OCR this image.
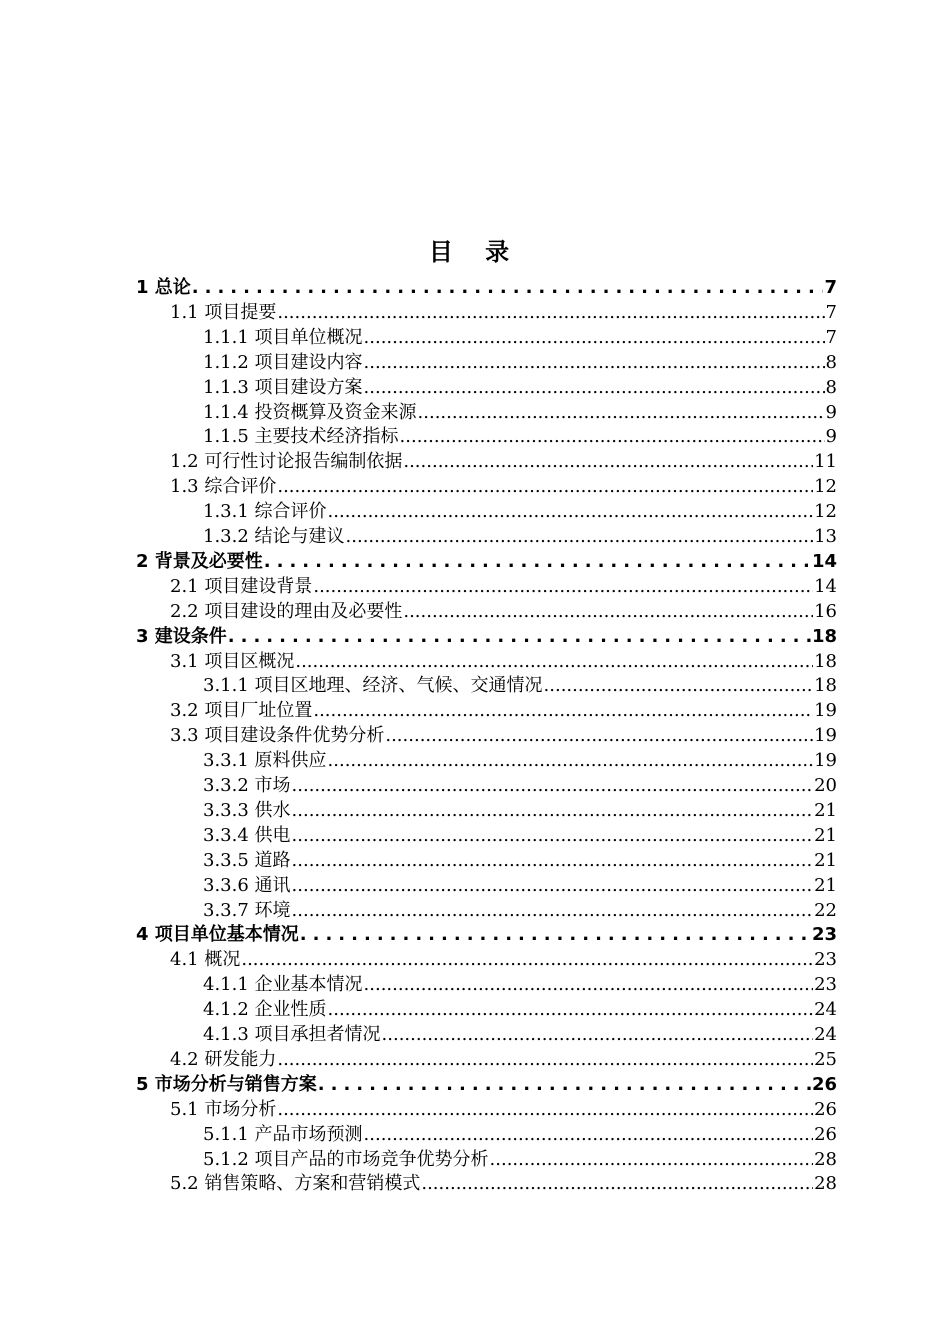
目 录
1 总论 .....	7
1.1 项目提要 .....	7
1.1.1 项目单位概况 .....	7
1.1.2 项目建设内容 .....	8
1.1.3 项目建设方案 .....	8
1.1.4 投资概算及资金来源 .....	9
1.1.5 主要技术经济指标 .....	9
1.2 可行性讨论报告编制依据 .....	11
1.3 综合评价 .....	12
1.3.1 综合评价 .....	12
1.3.2 结论与建议 .....	13
2 背景及必要性 .....	14
2.1 项目建设背景 .....	14
2.2 项目建设的理由及必要性 .....	16
3 建设条件 .....	18
3.1 项目区概况 .....	18
3.1.1 项目区地理、经济、气候、交通情况 .....	18
3.2 项目厂址位置 .....	19
3.3 项目建设条件优势分析 .....	19
3.3.1 原料供应 .....	19
3.3.2 市场 .....	20
3.3.3 供水 .....	21
3.3.4 供电 .....	21
3.3.5 道路 .....	21
3.3.6 通讯 .....	21
3.3.7 环境 .....	22
4 项目单位基本情况 .....	23
4.1 概况 .....	23
4.1.1 企业基本情况 .....	23
4.1.2 企业性质 .....	24
4.1.3 项目承担者情况 .....	24
4.2 研发能力 .....	25
5 市场分析与销售方案 .....	26
5.1 市场分析 .....	26
5.1.1 产品市场预测 .....	26
5.1.2 项目产品的市场竞争优势分析 .....	28
5.2 销售策略、方案和营销模式 .....	28
